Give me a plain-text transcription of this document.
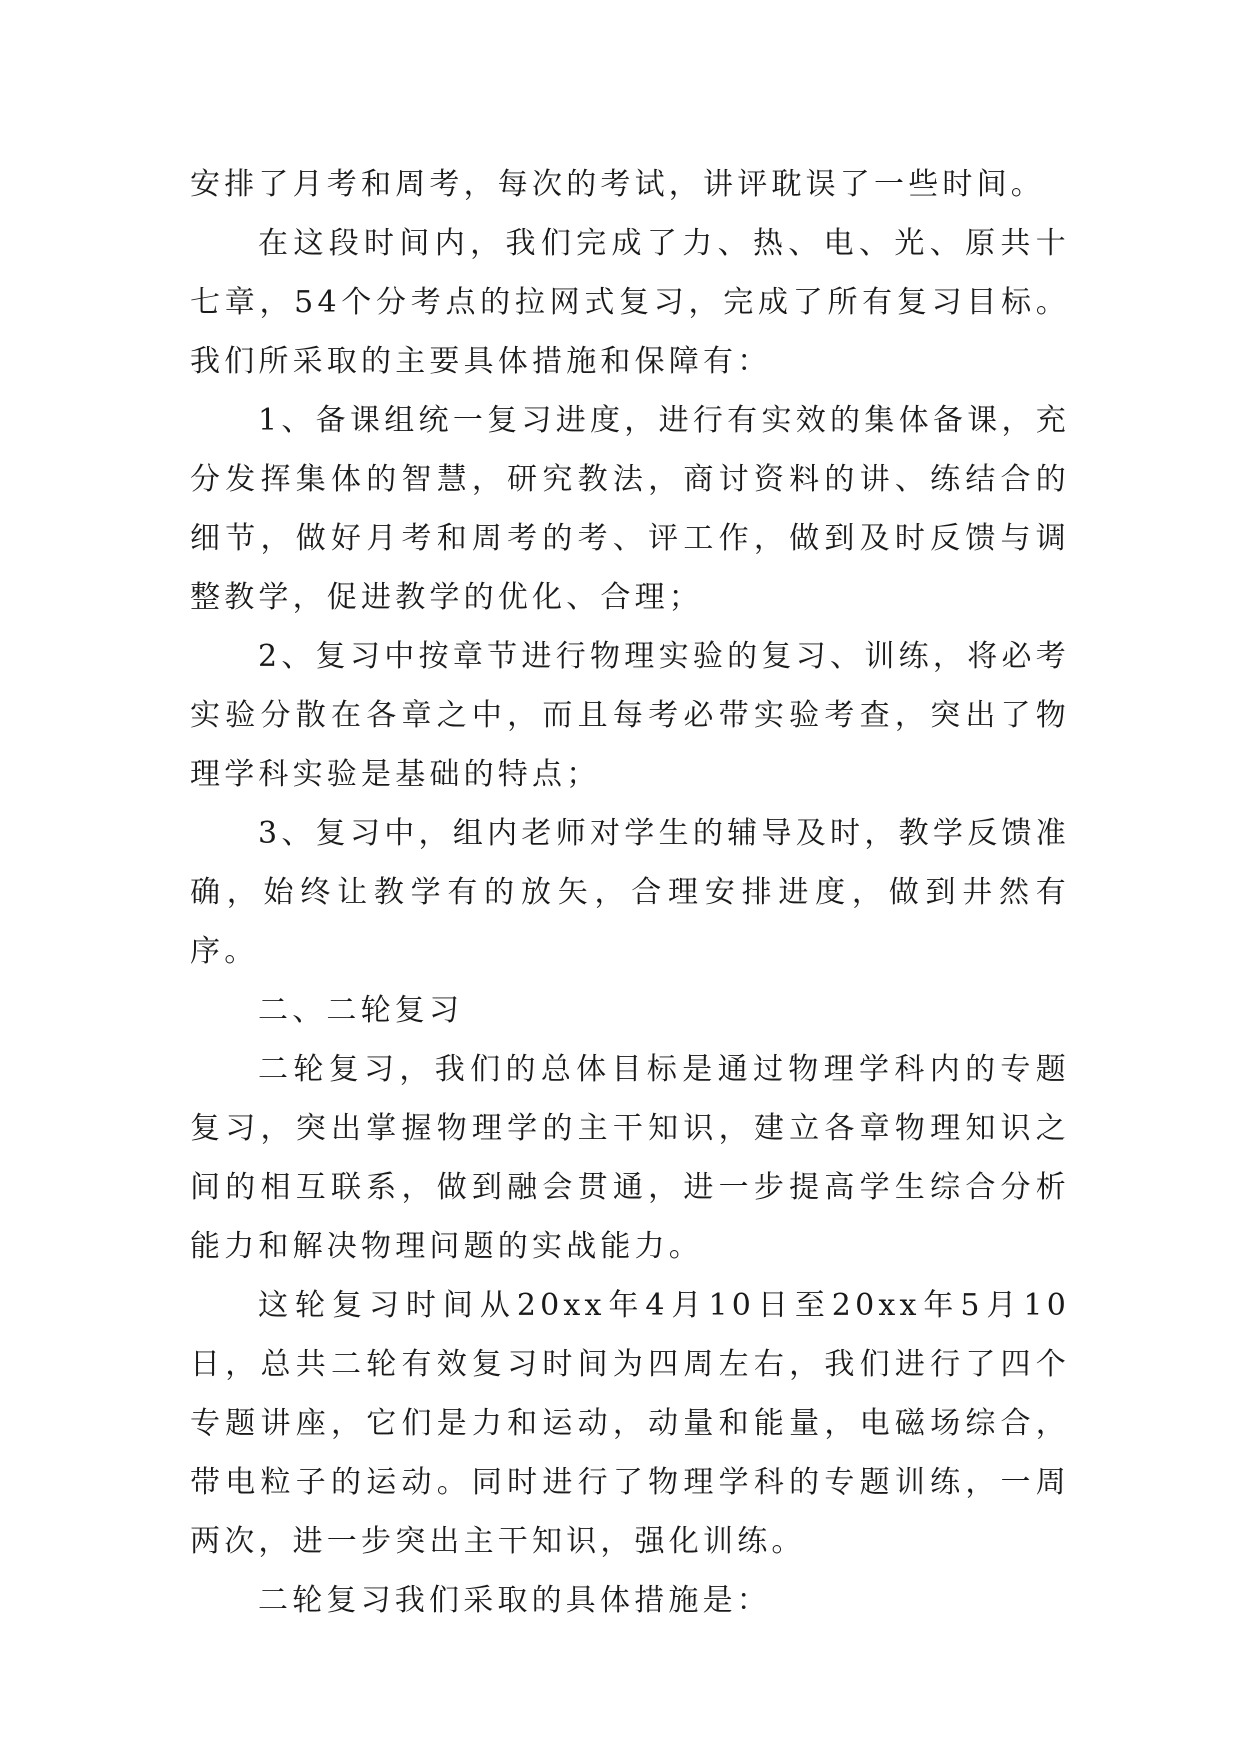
安排了月考和周考，每次的考试，讲评耽误了一些时间。

在这段时间内，我们完成了力、热、电、光、原共十七章，54个分考点的拉网式复习，完成了所有复习目标。我们所采取的主要具体措施和保障有：

1、备课组统一复习进度，进行有实效的集体备课，充分发挥集体的智慧，研究教法，商讨资料的讲、练结合的细节，做好月考和周考的考、评工作，做到及时反馈与调整教学，促进教学的优化、合理；

2、复习中按章节进行物理实验的复习、训练，将必考实验分散在各章之中，而且每考必带实验考查，突出了物理学科实验是基础的特点；

3、复习中，组内老师对学生的辅导及时，教学反馈准确，始终让教学有的放矢，合理安排进度，做到井然有序。

二、二轮复习

二轮复习，我们的总体目标是通过物理学科内的专题复习，突出掌握物理学的主干知识，建立各章物理知识之间的相互联系，做到融会贯通，进一步提高学生综合分析能力和解决物理问题的实战能力。

这轮复习时间从20xx年4月10日至20xx年5月10日，总共二轮有效复习时间为四周左右，我们进行了四个专题讲座，它们是力和运动，动量和能量，电磁场综合，带电粒子的运动。同时进行了物理学科的专题训练，一周两次，进一步突出主干知识，强化训练。

二轮复习我们采取的具体措施是：
